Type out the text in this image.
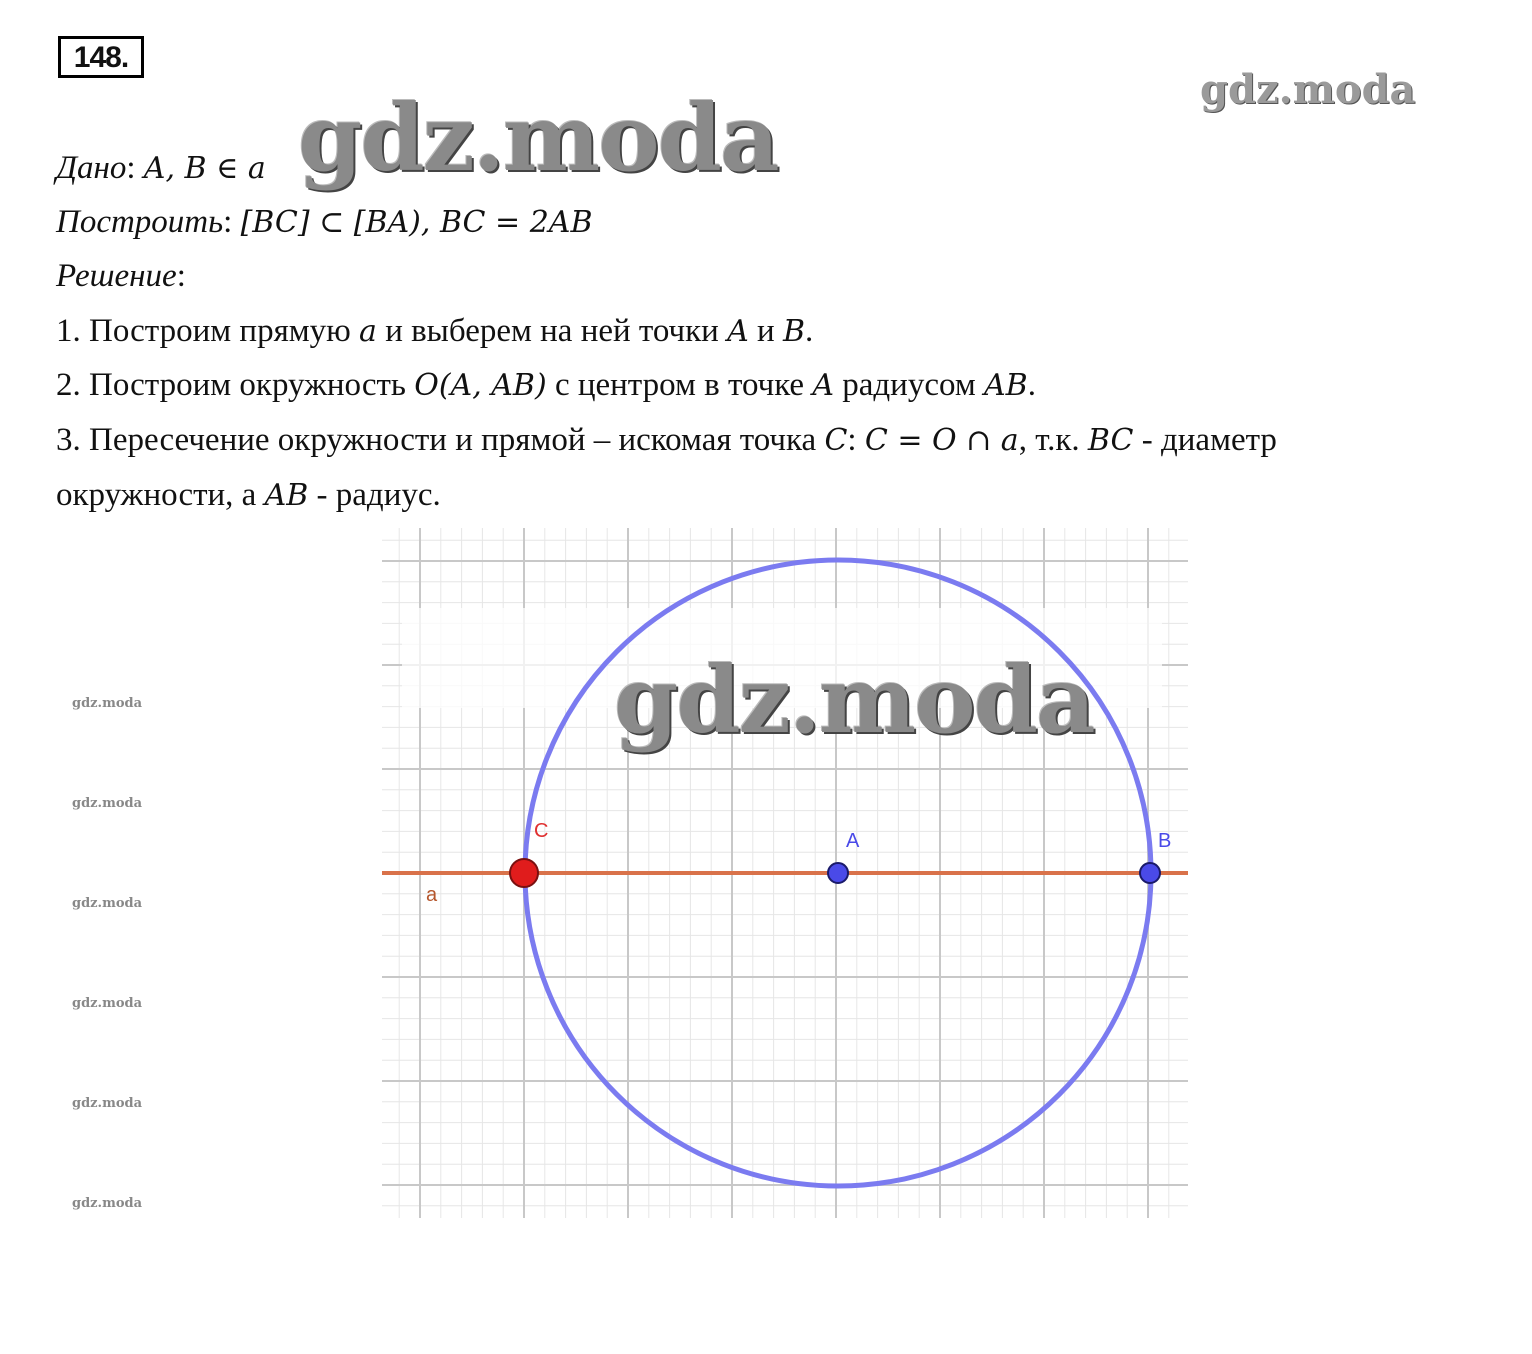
148.
gdz.moda
gdz.moda
Дано: A, B ∈ a
Построить: [BC] ⊂ [BA), BC = 2AB
Решение:
1. Построим прямую a и выберем на ней точки A и B.
2. Построим окружность O(A, AB) с центром в точке A радиусом AB.
3. Пересечение окружности и прямой – искомая точка C: C = O ∩ a, т.к. BC - диаметр
окружности, а AB - радиус.
gdz.moda
gdz.moda
gdz.moda
gdz.moda
gdz.moda
gdz.moda
C	A	B
a
gdz.moda
